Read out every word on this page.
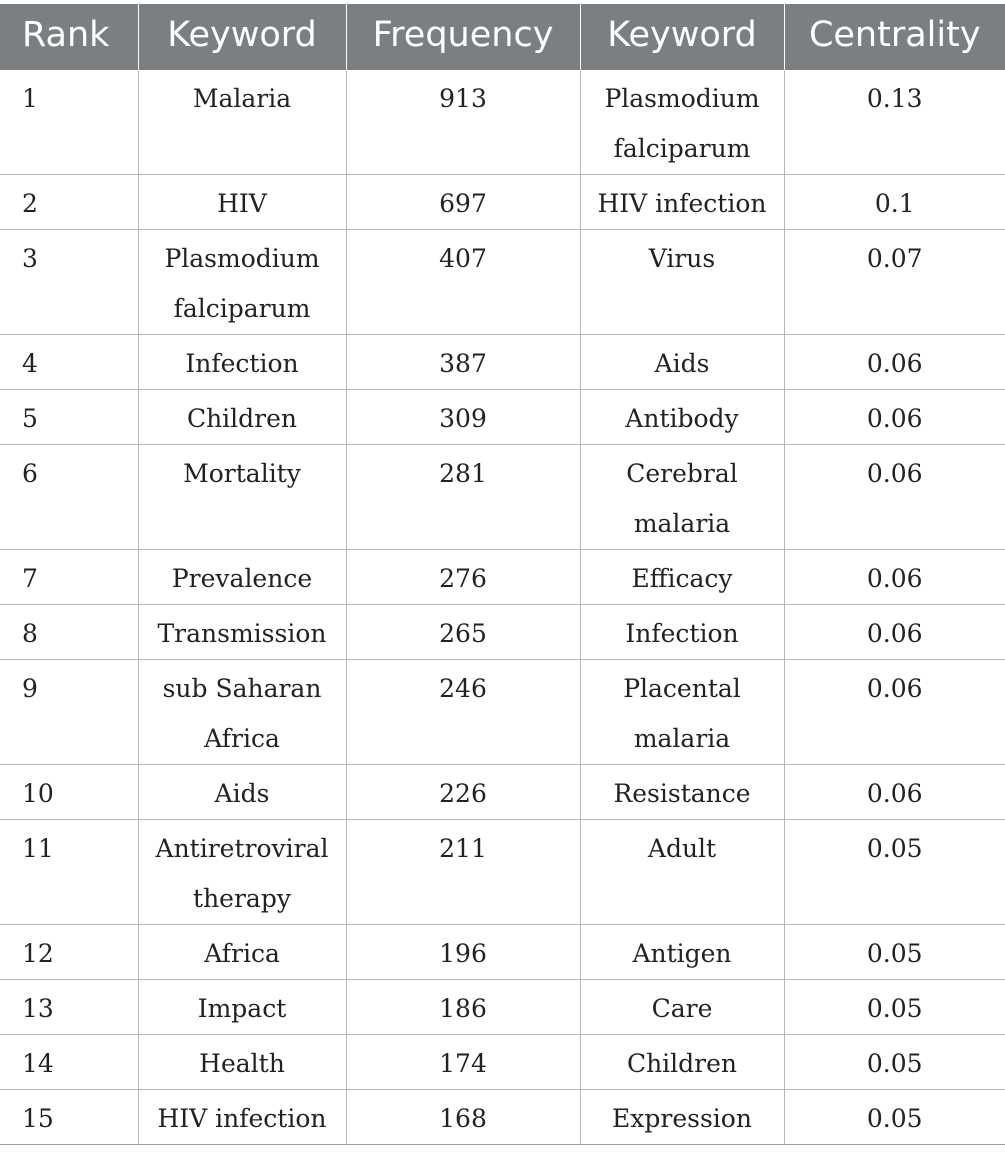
Rank	Keyword	Frequency	Keyword	Centrality
1	Malaria	913	Plasmodium falciparum	0.13
2	HIV	697	HIV infection	0.1
3	Plasmodium falciparum	407	Virus	0.07
4	Infection	387	Aids	0.06
5	Children	309	Antibody	0.06
6	Mortality	281	Cerebral malaria	0.06
7	Prevalence	276	Efficacy	0.06
8	Transmission	265	Infection	0.06
9	sub Saharan Africa	246	Placental malaria	0.06
10	Aids	226	Resistance	0.06
11	Antiretroviral therapy	211	Adult	0.05
12	Africa	196	Antigen	0.05
13	Impact	186	Care	0.05
14	Health	174	Children	0.05
15	HIV infection	168	Expression	0.05
